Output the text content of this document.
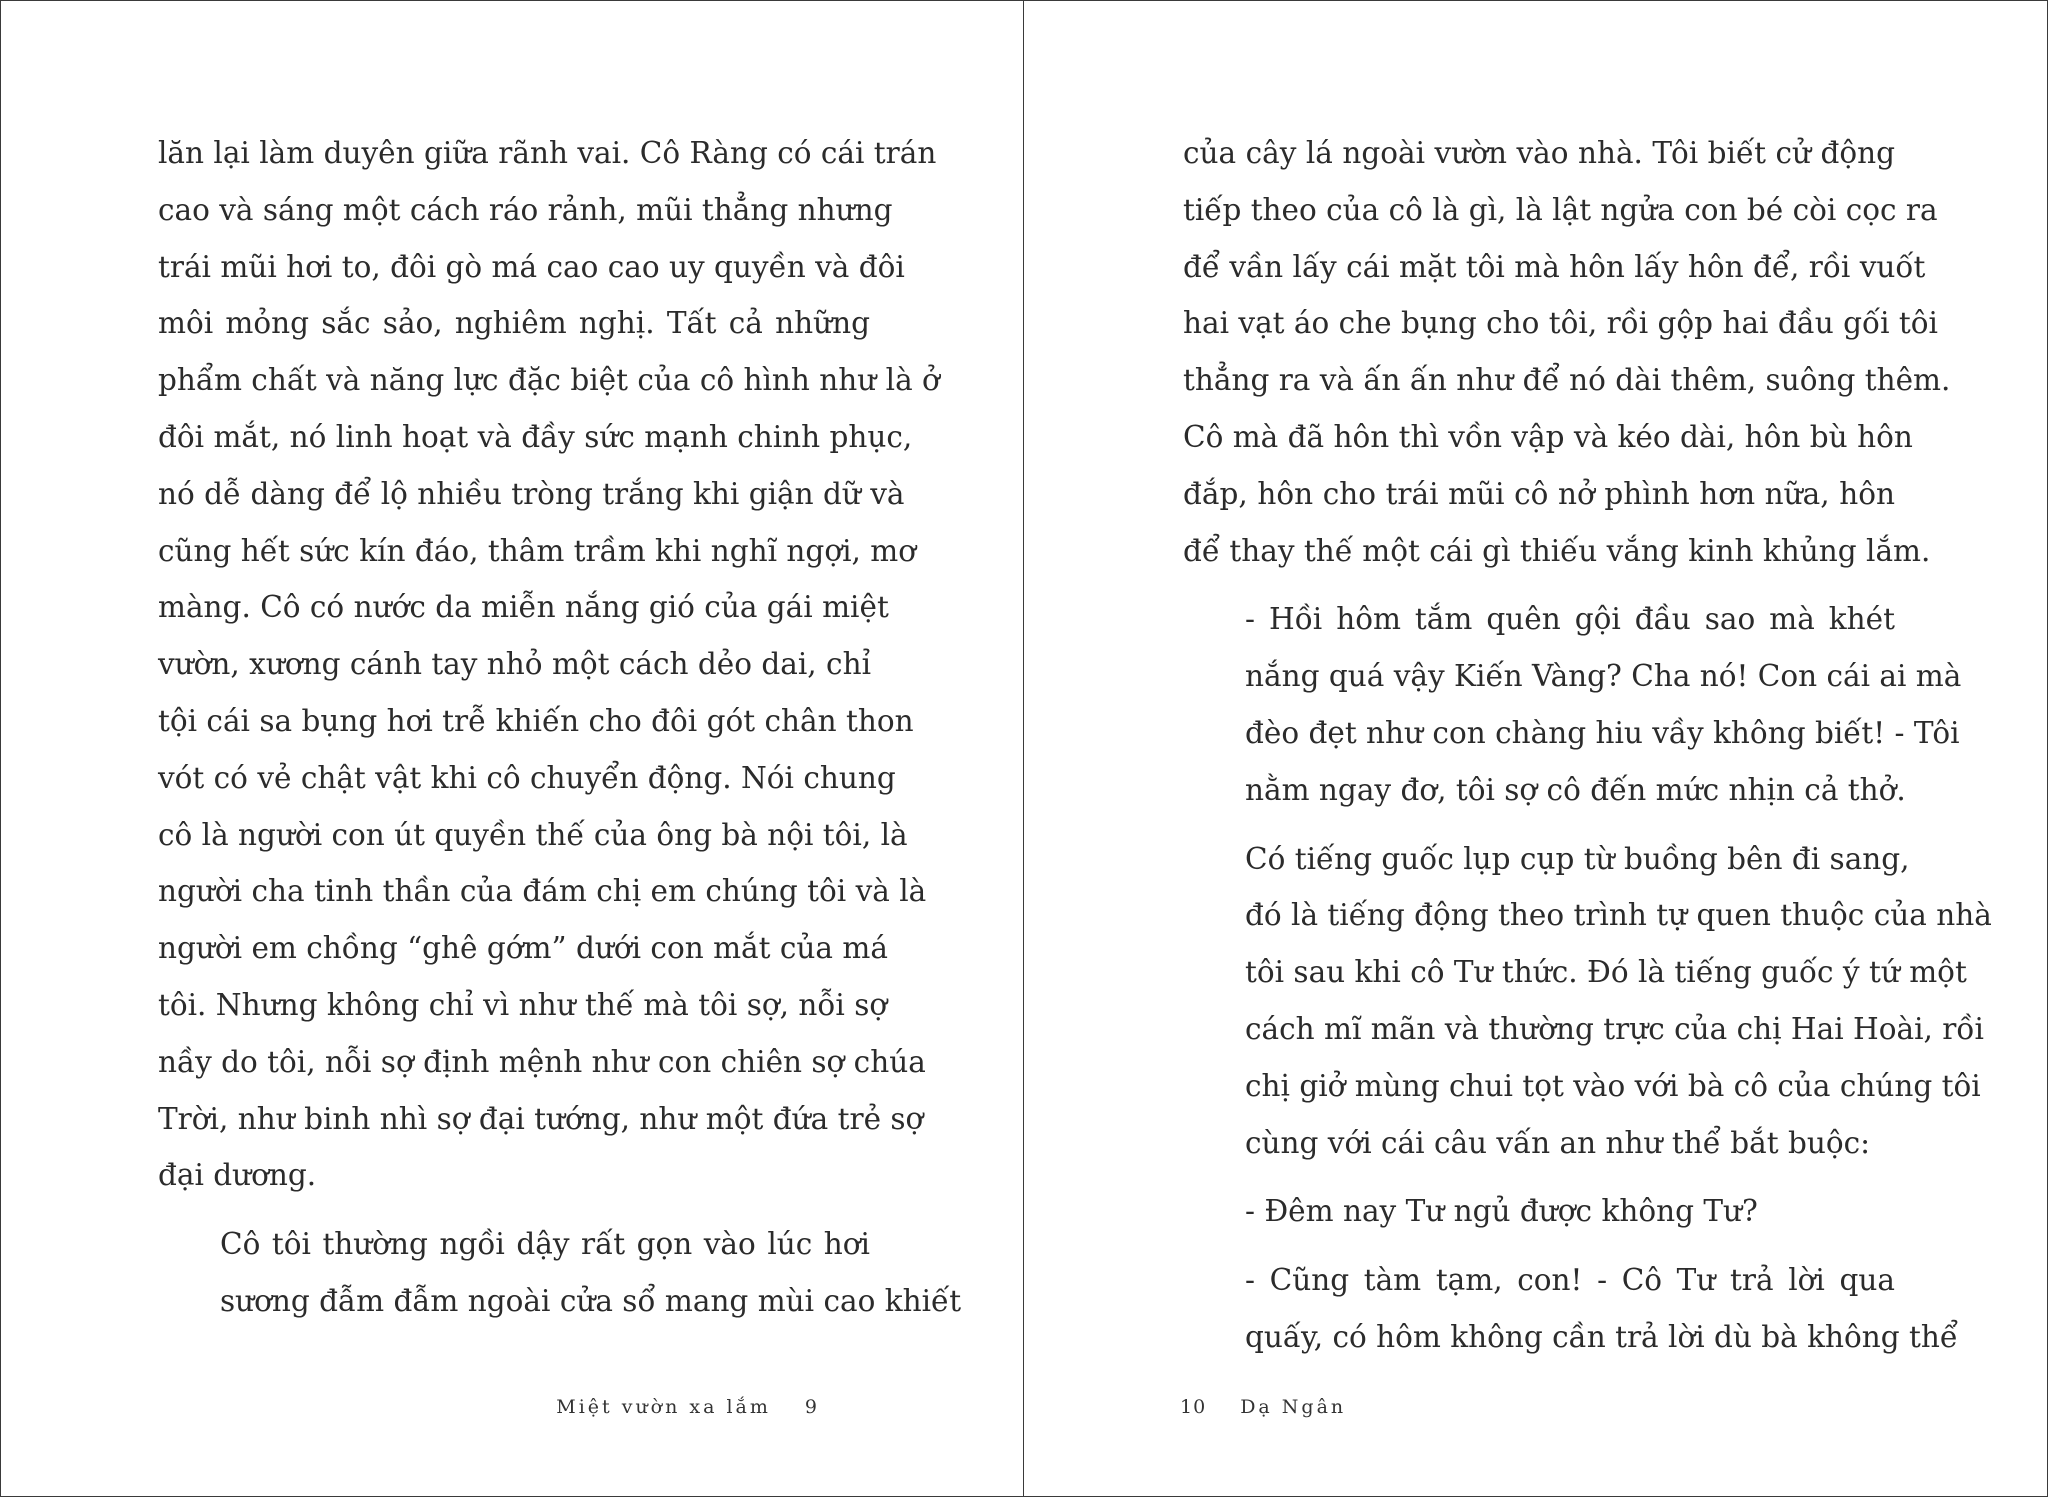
lăn lại làm duyên giữa rãnh vai. Cô Ràng có cái trán
cao và sáng một cách ráo rảnh, mũi thẳng nhưng
trái mũi hơi to, đôi gò má cao cao uy quyền và đôi
môi mỏng sắc sảo, nghiêm nghị. Tất cả những
phẩm chất và năng lực đặc biệt của cô hình như là ở
đôi mắt, nó linh hoạt và đầy sức mạnh chinh phục,
nó dễ dàng để lộ nhiều tròng trắng khi giận dữ và
cũng hết sức kín đáo, thâm trầm khi nghĩ ngợi, mơ
màng. Cô có nước da miễn nắng gió của gái miệt
vườn, xương cánh tay nhỏ một cách dẻo dai, chỉ
tội cái sa bụng hơi trễ khiến cho đôi gót chân thon
vót có vẻ chật vật khi cô chuyển động. Nói chung
cô là người con út quyền thế của ông bà nội tôi, là
người cha tinh thần của đám chị em chúng tôi và là
người em chồng “ghê gớm” dưới con mắt của má
tôi. Nhưng không chỉ vì như thế mà tôi sợ, nỗi sợ
nầy do tôi, nỗi sợ định mệnh như con chiên sợ chúa
Trời, như binh nhì sợ đại tướng, như một đứa trẻ sợ
đại dương.

Cô tôi thường ngồi dậy rất gọn vào lúc hơi
sương đẫm đẫm ngoài cửa sổ mang mùi cao khiết

Miệt vườn xa lắm 9

của cây lá ngoài vườn vào nhà. Tôi biết cử động
tiếp theo của cô là gì, là lật ngửa con bé còi cọc ra
để vần lấy cái mặt tôi mà hôn lấy hôn để, rồi vuốt
hai vạt áo che bụng cho tôi, rồi gộp hai đầu gối tôi
thẳng ra và ấn ấn như để nó dài thêm, suông thêm.
Cô mà đã hôn thì vồn vập và kéo dài, hôn bù hôn
đắp, hôn cho trái mũi cô nở phình hơn nữa, hôn
để thay thế một cái gì thiếu vắng kinh khủng lắm.

- Hồi hôm tắm quên gội đầu sao mà khét
nắng quá vậy Kiến Vàng? Cha nó! Con cái ai mà
đèo đẹt như con chàng hiu vầy không biết! - Tôi
nằm ngay đơ, tôi sợ cô đến mức nhịn cả thở.

Có tiếng guốc lụp cụp từ buồng bên đi sang,
đó là tiếng động theo trình tự quen thuộc của nhà
tôi sau khi cô Tư thức. Đó là tiếng guốc ý tứ một
cách mĩ mãn và thường trực của chị Hai Hoài, rồi
chị giở mùng chui tọt vào với bà cô của chúng tôi
cùng với cái câu vấn an như thể bắt buộc:

- Đêm nay Tư ngủ được không Tư?

- Cũng tàm tạm, con! - Cô Tư trả lời qua
quấy, có hôm không cần trả lời dù bà không thể

10 Dạ Ngân
